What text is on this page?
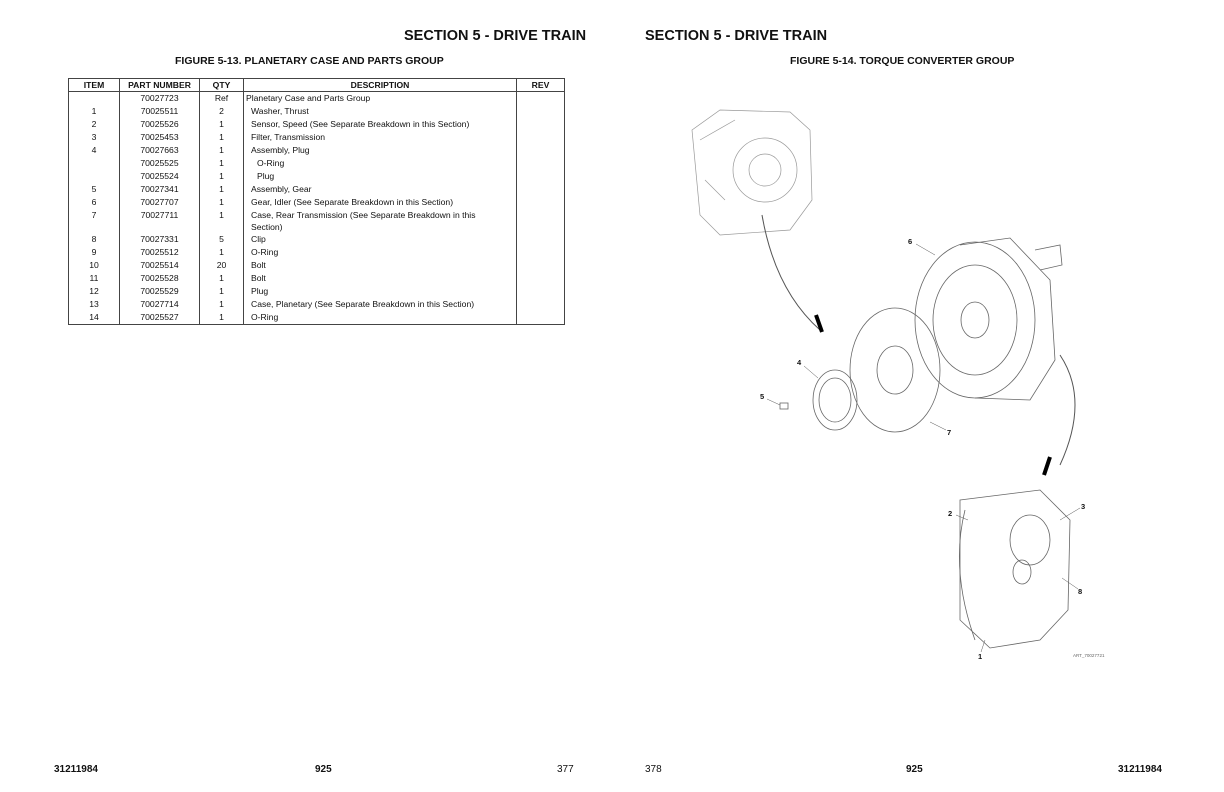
SECTION 5 - DRIVE TRAIN
FIGURE 5-13. PLANETARY CASE AND PARTS GROUP
ITEM	PART NUMBER	QTY	DESCRIPTION	REV
	70027723	Ref	Planetary Case and Parts Group	
1	70025511	2	Washer, Thrust	
2	70025526	1	Sensor, Speed (See Separate Breakdown in this Section)	
3	70025453	1	Filter, Transmission	
4	70027663	1	Assembly, Plug	
	70025525	1	O-Ring	
	70025524	1	Plug	
5	70027341	1	Assembly, Gear	
6	70027707	1	Gear, Idler (See Separate Breakdown in this Section)	
7	70027711	1	Case, Rear Transmission (See Separate Breakdown in this
Section)	

8	70027331	5	Clip	
9	70025512	1	O-Ring	
10	70025514	20	Bolt	
11	70025528	1	Bolt	
12	70025529	1	Plug	
13	70027714	1	Case, Planetary (See Separate Breakdown in this Section)	
14	70025527	1	O-Ring	
31211984	925	377
SECTION 5 - DRIVE TRAIN
FIGURE 5-14. TORQUE CONVERTER GROUP
1
2
3
4
5
6
7
8
ART_70027721
378	925	31211984
